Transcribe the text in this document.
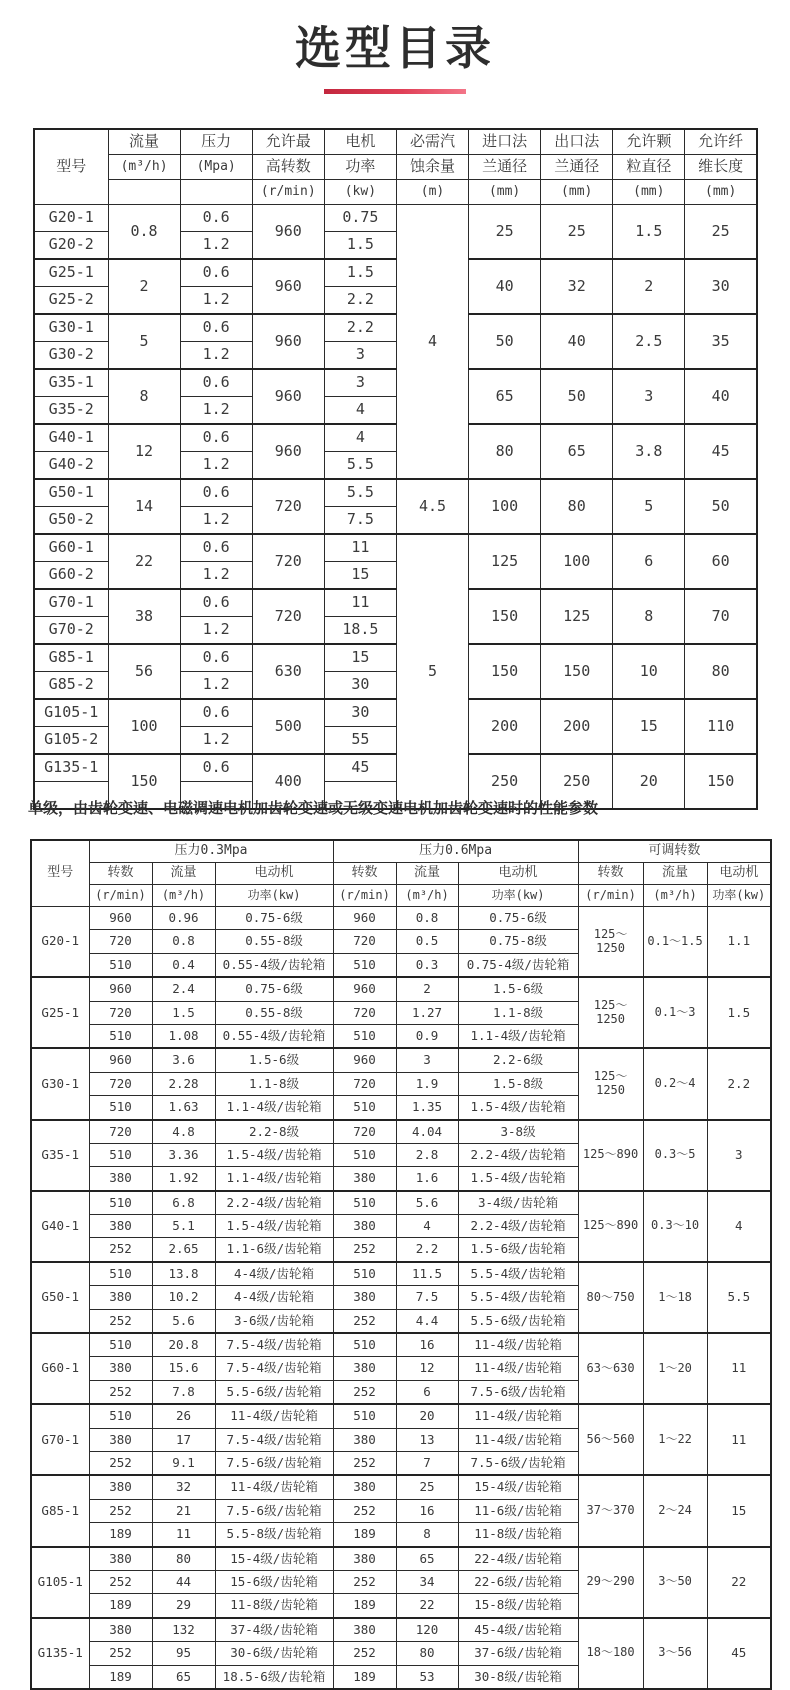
选型目录
型号	流量	压力	允许最	电机	必需汽	进口法	出口法	允许颗	允许纤
	(m³/h)	(Mpa)	高转数	功率	蚀余量	兰通径	兰通径	粒直径	维长度
			(r/min)	(kw)	(m)	(mm)	(mm)	(mm)	(mm)
G20-1	0.8	0.6	960	0.75	4	25	25	1.5	25
G20-2		1.2		1.5					
G25-1	2	0.6	960	1.5		40	32	2	30
G25-2		1.2		2.2					
G30-1	5	0.6	960	2.2		50	40	2.5	35
G30-2		1.2		3					
G35-1	8	0.6	960	3		65	50	3	40
G35-2		1.2		4					
G40-1	12	0.6	960	4		80	65	3.8	45
G40-2		1.2		5.5					
G50-1	14	0.6	720	5.5	4.5	100	80	5	50
G50-2		1.2		7.5					
G60-1	22	0.6	720	11	5	125	100	6	60
G60-2		1.2		15					
G70-1	38	0.6	720	11		150	125	8	70
G70-2		1.2		18.5					
G85-1	56	0.6	630	15		150	150	10	80
G85-2		1.2		30					
G105-1	100	0.6	500	30		200	200	15	110
G105-2		1.2		55					
G135-1	150	0.6	400	45		250	250	20	150

单级，由齿轮变速、电磁调速电机加齿轮变速或无级变速电机加齿轮变速时的性能参数

型号	压力0.3Mpa			压力0.6Mpa			可调转数		
	转数	流量	电动机	转数	流量	电动机	转数	流量	电动机
	(r/min)	(m³/h)	功率(kw)	(r/min)	(m³/h)	功率(kw)	(r/min)	(m³/h)	功率(kw)
G20-1	960	0.96	0.75-6级	960	0.8	0.75-6级	125～​1250	0.1～​1.5	1.1
	720	0.8	0.55-8级	720	0.5	0.75-8级			
	510	0.4	0.55-4级/齿轮箱	510	0.3	0.75-4级/齿轮箱			
G25-1	960	2.4	0.75-6级	960	2	1.5-6级	125～​1250	0.1～​3	1.5
	720	1.5	0.55-8级	720	1.27	1.1-8级			
	510	1.08	0.55-4级/齿轮箱	510	0.9	1.1-4级/齿轮箱			
G30-1	960	3.6	1.5-6级	960	3	2.2-6级	125～​1250	0.2～​4	2.2
	720	2.28	1.1-8级	720	1.9	1.5-8级			
	510	1.63	1.1-4级/齿轮箱	510	1.35	1.5-4级/齿轮箱			
G35-1	720	4.8	2.2-8级	720	4.04	3-8级	125～​890	0.3～​5	3
	510	3.36	1.5-4级/齿轮箱	510	2.8	2.2-4级/齿轮箱			
	380	1.92	1.1-4级/齿轮箱	380	1.6	1.5-4级/齿轮箱			
G40-1	510	6.8	2.2-4级/齿轮箱	510	5.6	3-4级/齿轮箱	125～​890	0.3～​10	4
	380	5.1	1.5-4级/齿轮箱	380	4	2.2-4级/齿轮箱			
	252	2.65	1.1-6级/齿轮箱	252	2.2	1.5-6级/齿轮箱			
G50-1	510	13.8	4-4级/齿轮箱	510	11.5	5.5-4级/齿轮箱	80～​750	1～​18	5.5
	380	10.2	4-4级/齿轮箱	380	7.5	5.5-4级/齿轮箱			
	252	5.6	3-6级/齿轮箱	252	4.4	5.5-6级/齿轮箱			
G60-1	510	20.8	7.5-4级/齿轮箱	510	16	11-4级/齿轮箱	63～​630	1～​20	11
	380	15.6	7.5-4级/齿轮箱	380	12	11-4级/齿轮箱			
	252	7.8	5.5-6级/齿轮箱	252	6	7.5-6级/齿轮箱			
G70-1	510	26	11-4级/齿轮箱	510	20	11-4级/齿轮箱	56～​560	1～​22	11
	380	17	7.5-4级/齿轮箱	380	13	11-4级/齿轮箱			
	252	9.1	7.5-6级/齿轮箱	252	7	7.5-6级/齿轮箱			
G85-1	380	32	11-4级/齿轮箱	380	25	15-4级/齿轮箱	37～​370	2～​24	15
	252	21	7.5-6级/齿轮箱	252	16	11-6级/齿轮箱			
	189	11	5.5-8级/齿轮箱	189	8	11-8级/齿轮箱			
G105-1	380	80	15-4级/齿轮箱	380	65	22-4级/齿轮箱	29～​290	3～​50	22
	252	44	15-6级/齿轮箱	252	34	22-6级/齿轮箱			
	189	29	11-8级/齿轮箱	189	22	15-8级/齿轮箱			
G135-1	380	132	37-4级/齿轮箱	380	120	45-4级/齿轮箱	18～​180	3～​56	45
	252	95	30-6级/齿轮箱	252	80	37-6级/齿轮箱			
	189	65	18.5-6级/齿轮箱	189	53	30-8级/齿轮箱			
